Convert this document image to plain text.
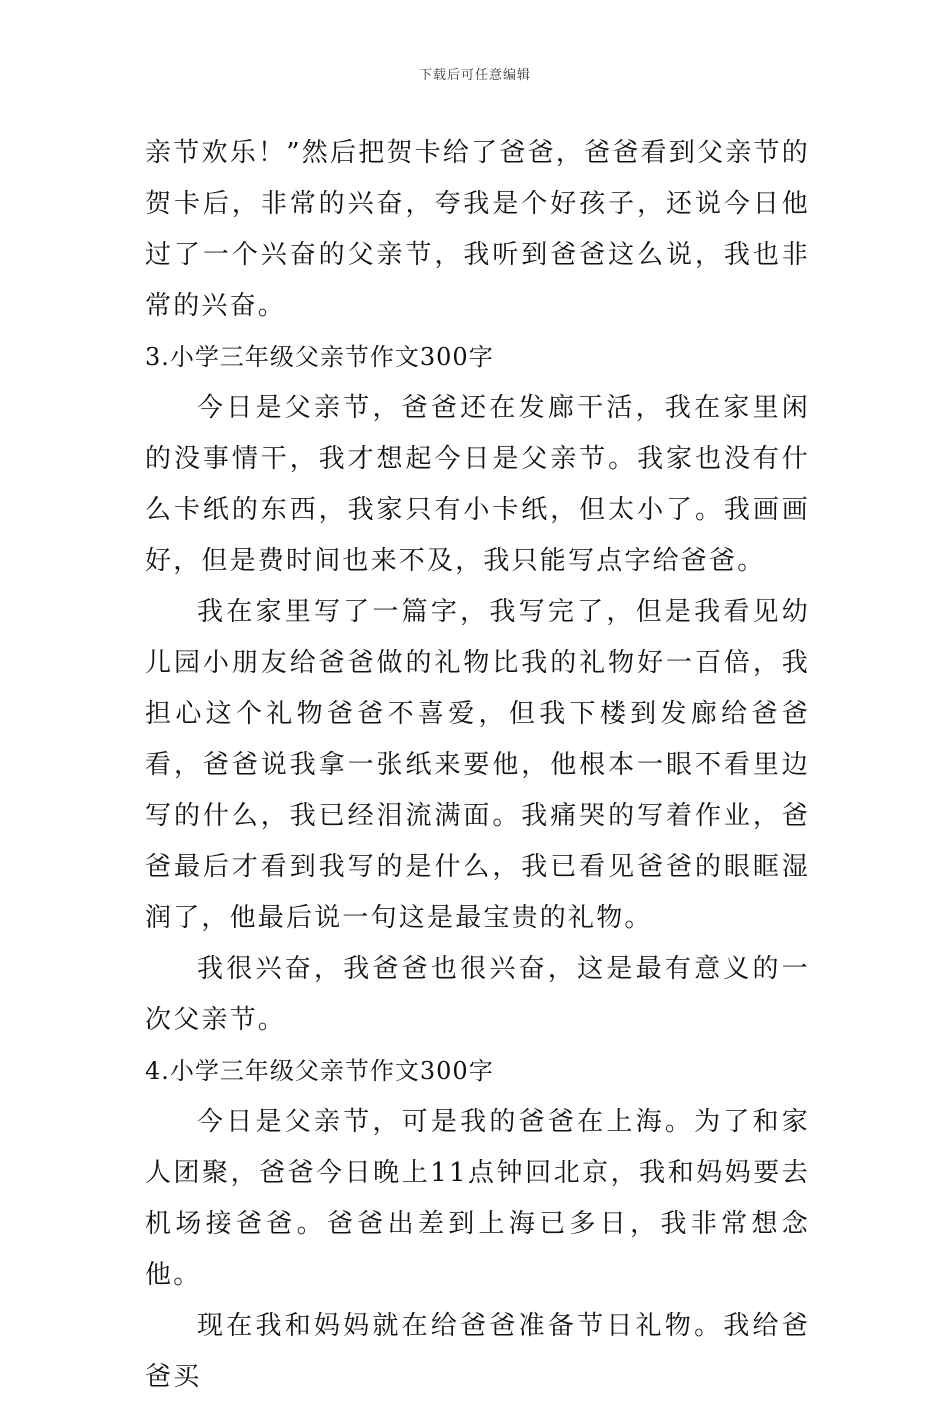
下载后可任意编辑

亲节欢乐！”然后把贺卡给了爸爸，爸爸看到父亲节的贺卡后，非常的兴奋，夸我是个好孩子，还说今日他过了一个兴奋的父亲节，我听到爸爸这么说，我也非常的兴奋。

3.小学三年级父亲节作文300字

今日是父亲节，爸爸还在发廊干活，我在家里闲的没事情干，我才想起今日是父亲节。我家也没有什么卡纸的东西，我家只有小卡纸，但太小了。我画画好，但是费时间也来不及，我只能写点字给爸爸。

我在家里写了一篇字，我写完了，但是我看见幼儿园小朋友给爸爸做的礼物比我的礼物好一百倍，我担心这个礼物爸爸不喜爱，但我下楼到发廊给爸爸看，爸爸说我拿一张纸来要他，他根本一眼不看里边写的什么，我已经泪流满面。我痛哭的写着作业，爸爸最后才看到我写的是什么，我已看见爸爸的眼眶湿润了，他最后说一句这是最宝贵的礼物。

我很兴奋，我爸爸也很兴奋，这是最有意义的一次父亲节。

4.小学三年级父亲节作文300字

今日是父亲节，可是我的爸爸在上海。为了和家人团聚，爸爸今日晚上11点钟回北京，我和妈妈要去机场接爸爸。爸爸出差到上海已多日，我非常想念他。

现在我和妈妈就在给爸爸准备节日礼物。我给爸爸买
